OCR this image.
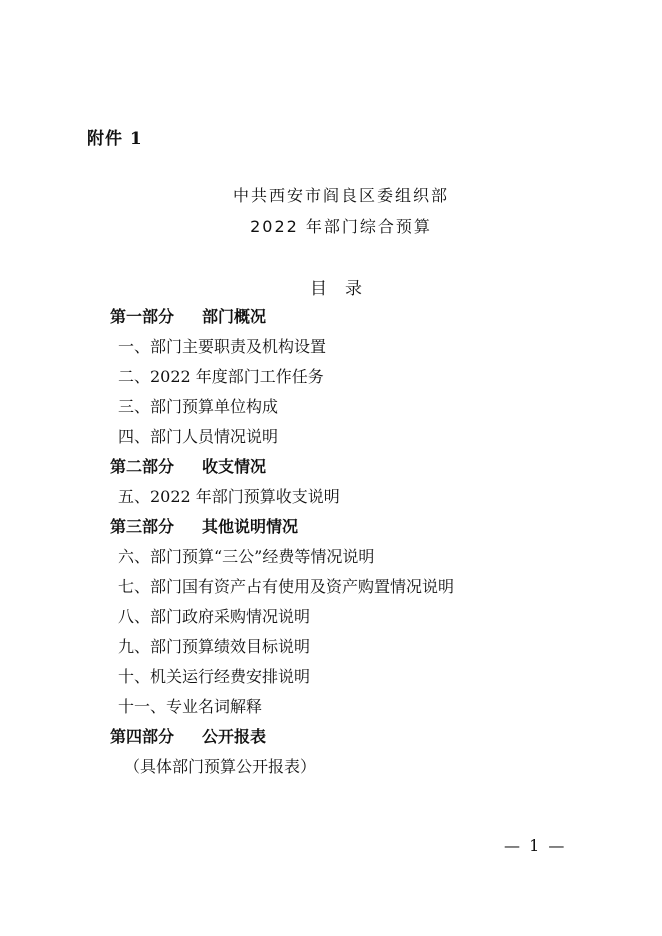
附件 1
中共西安市阎良区委组织部
2022 年部门综合预算
目录
第一部分 部门概况
一、部门主要职责及机构设置
二、2022 年度部门工作任务
三、部门预算单位构成
四、部门人员情况说明
第二部分 收支情况
五、2022 年部门预算收支说明
第三部分 其他说明情况
六、部门预算“三公”经费等情况说明
七、部门国有资产占有使用及资产购置情况说明
八、部门政府采购情况说明
九、部门预算绩效目标说明
十、机关运行经费安排说明
十一、专业名词解释
第四部分 公开报表
（具体部门预算公开报表）
— 1 —
